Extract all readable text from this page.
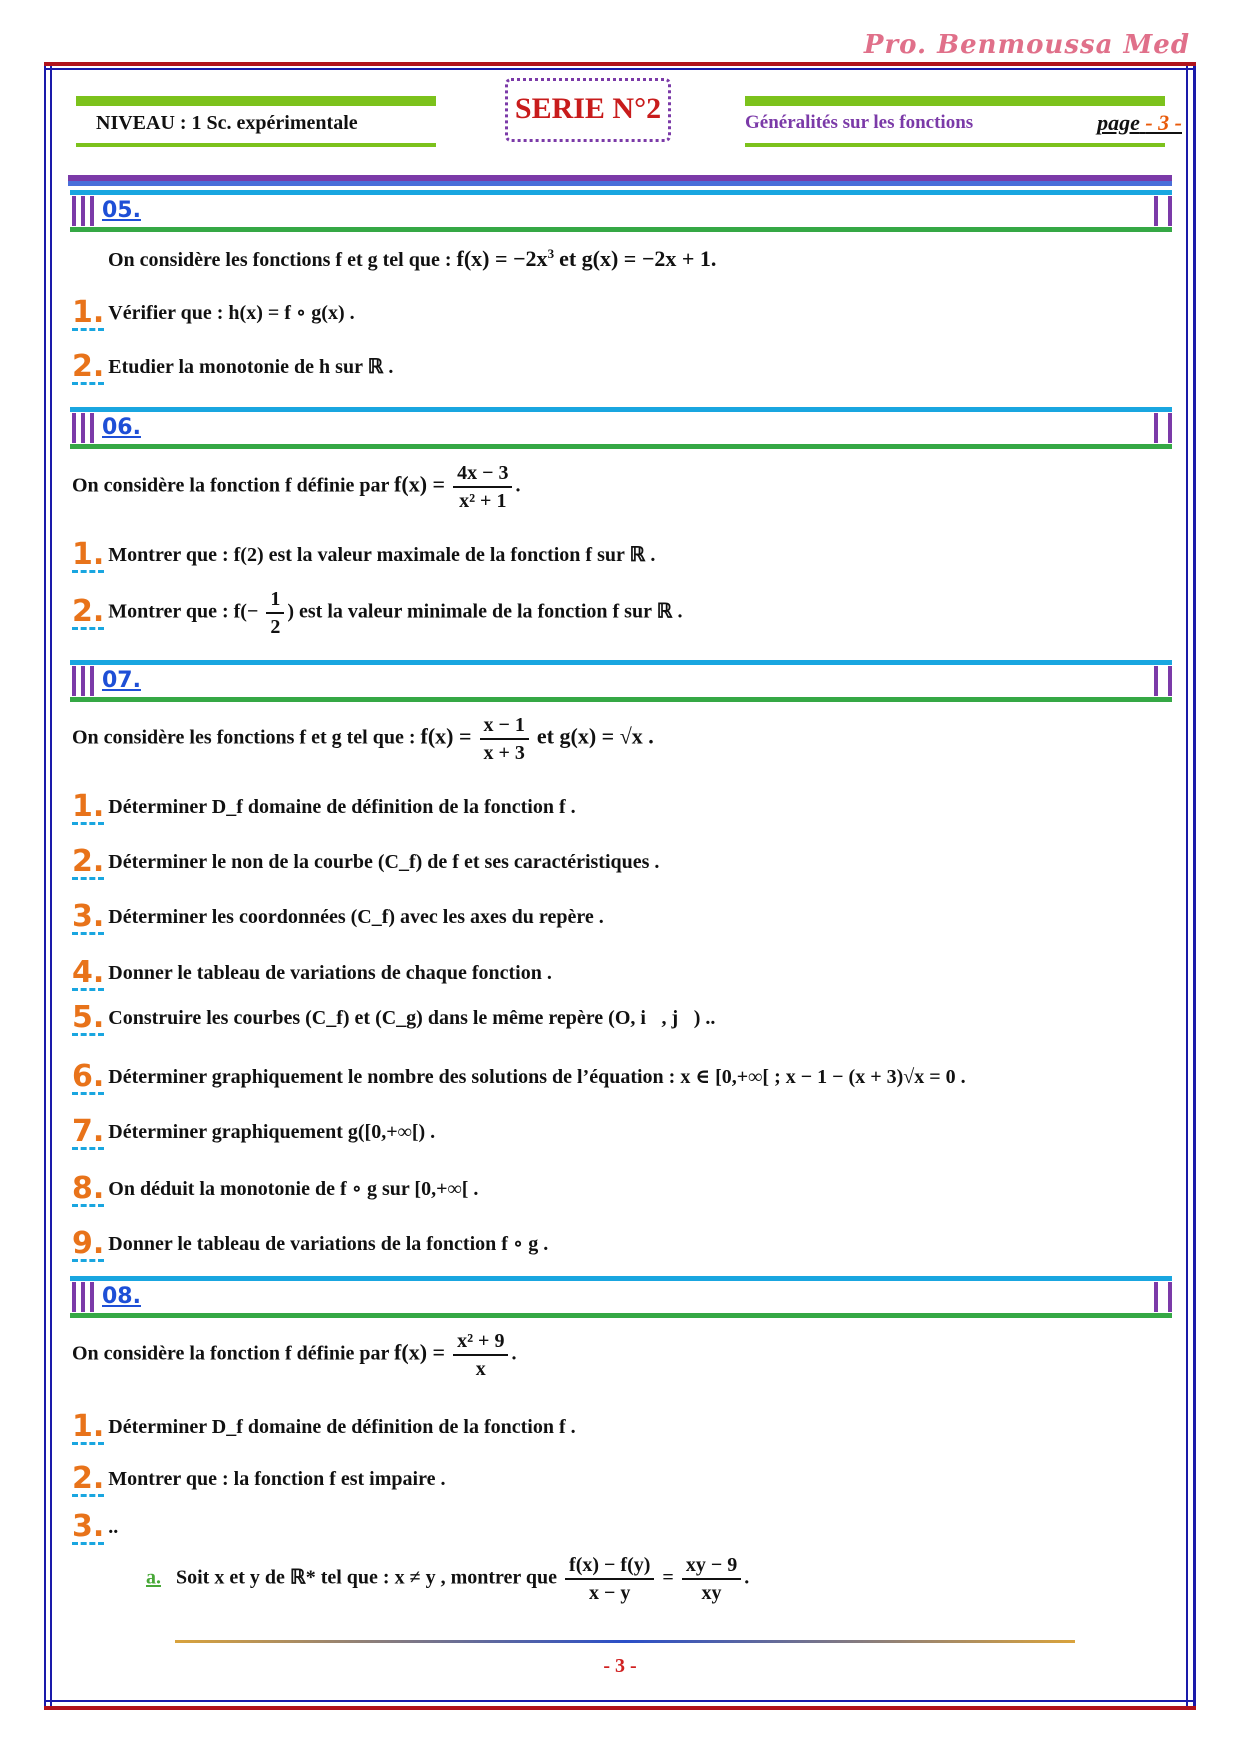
Pro. Benmoussa Med
NIVEAU : 1 Sc. expérimentale	SERIE N°2	Généralités sur les fonctions	page - 3 -
05.
On considère les fonctions f et g tel que : $f(x) = -2x^3$ et g(x) = −2x + 1.
1. Vérifier que : h(x) = f ∘ g(x) .
2. Etudier la monotonie de h sur ℝ .
06.
On considère la fonction f définie par $f(x) = \frac{4x - 3}{\text{x² + 1}}$ .
1. Montrer que : f(2) est la valeur maximale de la fonction f sur ℝ .
2. Montrer que : $f(- \frac{1}{2}$ ) est la valeur minimale de la fonction f sur ℝ .
07.
On considère les fonctions f et g tel que : $f(x) = \frac{x - 1}{x + 3}$ et g(x) = √x .
1. Déterminer D_f domaine de définition de la fonction f .
2. Déterminer le non de la courbe (C_f) de f et ses caractéristiques .
3. Déterminer les coordonnées (C_f) avec les axes du repère .
4. Donner le tableau de variations de chaque fonction .
5. Construire les courbes (C_f) et (C_g) dans le même repère (O, i⃗, j⃗) ..
6. Déterminer graphiquement le nombre des solutions de l’équation : x ∈ [0,+∞[ ; x − 1 − (x + 3)√x = 0 .
7. Déterminer graphiquement g([0,+∞[) .
8. On déduit la monotonie de f ∘ g sur [0,+∞[ .
9. Donner le tableau de variations de la fonction f ∘ g .
08.
On considère la fonction f définie par $f(x) = \frac{\text{x² + 9}}{x}$ .
1. Déterminer D_f domaine de définition de la fonction f .
2. Montrer que : la fonction f est impaire .
3. ..
a. Soit x et y de ℝ* tel que : x ≠ y , montrer que $\frac{f(x) - f(y)}{x - y} = \frac{xy - 9}{xy}$ .
- 3 -
